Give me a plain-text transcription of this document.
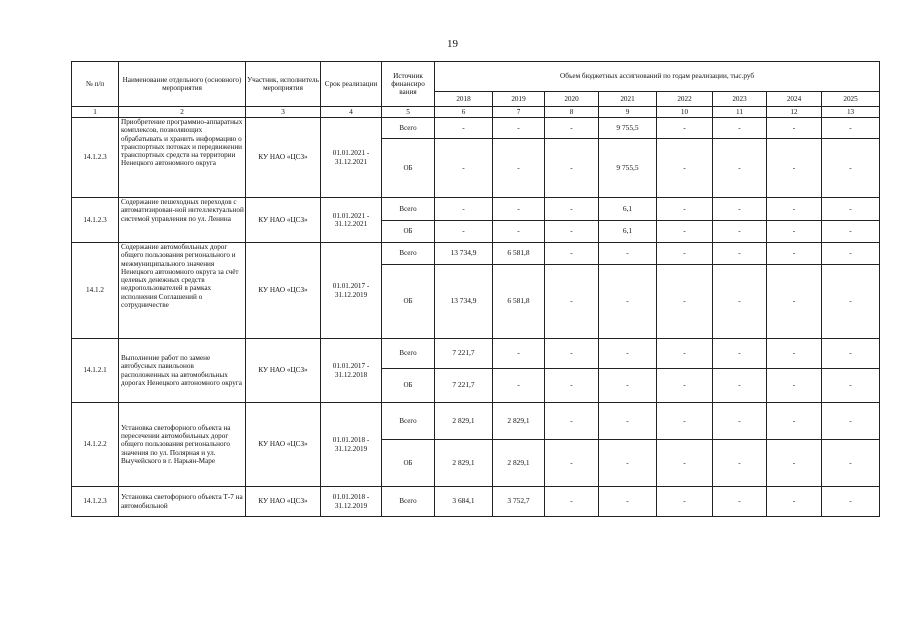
19
№ п/п	Наименование отдельного (основного) мероприятия	Участник, исполнитель мероприятия	Срок реализации	Источник финансиро вания	Объем бюджетных ассигнований по годам реализации, тыс.руб							
					2018	2019	2020	2021	2022	2023	2024	2025
1	2	3	4	5	6	7	8	9	10	11	12	13
14.1.2.3	Приобретение программно-аппаратных комплексов, позволяющих обрабатывать и хранить информацию о транспортных потоках и передвижении транспортных средств на территории Ненецкого автономного округа	КУ НАО «ЦСЗ»	01.01.2021 - 31.12.2021	Всего	-	-	-	9 755,5	-	-	-	-
				ОБ	-	-	-	9 755,5	-	-	-	-
14.1.2.3	Содержание пешеходных переходов с автоматизирован-ной интеллектуальной системой управления по ул. Ленина	КУ НАО «ЦСЗ»	01.01.2021 - 31.12.2021	Всего	-	-	-	6,1	-	-	-	-
				ОБ	-	-	-	6,1	-	-	-	-
14.1.2	Содержание автомобильных дорог общего пользования регионального и межмуниципального значения Ненецкого автономного округа за счёт целевых денежных средств недропользователей в рамках исполнения Соглашений о сотрудничестве	КУ НАО «ЦСЗ»	01.01.2017 - 31.12.2019	Всего	13 734,9	6 581,8	-	-	-	-	-	-
				ОБ	13 734,9	6 581,8	-	-	-	-	-	-
14.1.2.1	Выполнение работ по замене автобусных павильонов расположенных на автомобильных дорогах Ненецкого автономного округа	КУ НАО «ЦСЗ»	01.01.2017 - 31.12.2018	Всего	7 221,7	-	-	-	-	-	-	-
				ОБ	7 221,7	-	-	-	-	-	-	-
14.1.2.2	Установка светофорного объекта на пересечении автомобильных дорог общего пользования регионального значения по ул. Полярная и ул. Выучейского в г. Нарьян-Маре	КУ НАО «ЦСЗ»	01.01.2018 - 31.12.2019	Всего	2 829,1	2 829,1	-	-	-	-	-	-
				ОБ	2 829,1	2 829,1	-	-	-	-	-	-
14.1.2.3	Установка светофорного объекта Т-7 на автомобильной	КУ НАО «ЦСЗ»	01.01.2018 - 31.12.2019	Всего	3 684,1	3 752,7	-	-	-	-	-	-
